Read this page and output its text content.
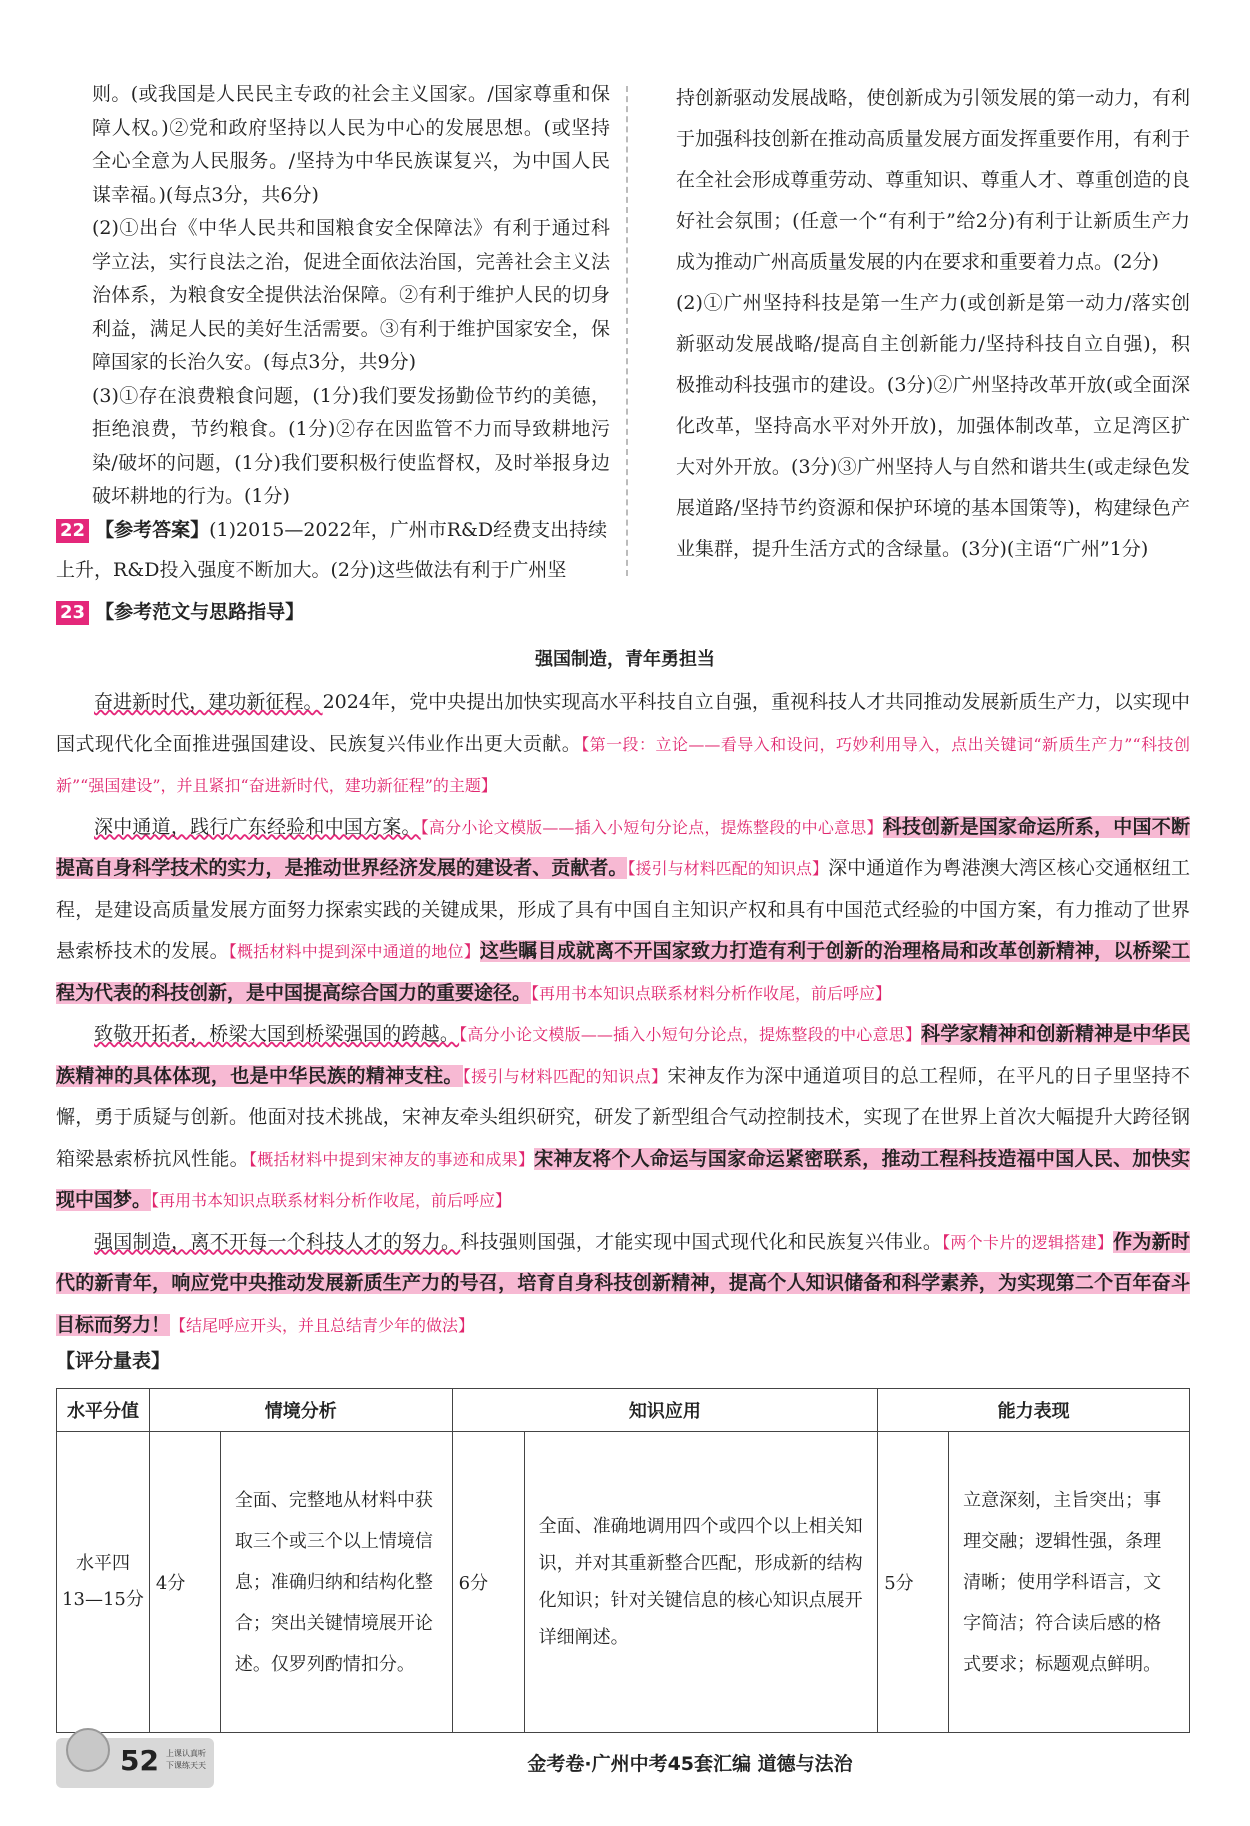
则。(或我国是人民民主专政的社会主义国家。/国家尊重和保障人权。)②党和政府坚持以人民为中心的发展思想。(或坚持全心全意为人民服务。/坚持为中华民族谋复兴，为中国人民谋幸福。)(每点3分，共6分)

(2)①出台《中华人民共和国粮食安全保障法》有利于通过科学立法，实行良法之治，促进全面依法治国，完善社会主义法治体系，为粮食安全提供法治保障。②有利于维护人民的切身利益，满足人民的美好生活需要。③有利于维护国家安全，保障国家的长治久安。(每点3分，共9分)

(3)①存在浪费粮食问题，(1分)我们要发扬勤俭节约的美德，拒绝浪费，节约粮食。(1分)②存在因监管不力而导致耕地污染/破坏的问题，(1分)我们要积极行使监督权，及时举报身边破坏耕地的行为。(1分)

22 【参考答案】(1)2015—2022年，广州市R&D经费支出持续上升，R&D投入强度不断加大。(2分)这些做法有利于广州坚

持创新驱动发展战略，使创新成为引领发展的第一动力，有利于加强科技创新在推动高质量发展方面发挥重要作用，有利于在全社会形成尊重劳动、尊重知识、尊重人才、尊重创造的良好社会氛围；(任意一个“有利于”给2分)有利于让新质生产力成为推动广州高质量发展的内在要求和重要着力点。(2分)

(2)①广州坚持科技是第一生产力(或创新是第一动力/落实创新驱动发展战略/提高自主创新能力/坚持科技自立自强)，积极推动科技强市的建设。(3分)②广州坚持改革开放(或全面深化改革，坚持高水平对外开放)，加强体制改革，立足湾区扩大对外开放。(3分)③广州坚持人与自然和谐共生(或走绿色发展道路/坚持节约资源和保护环境的基本国策等)，构建绿色产业集群，提升生活方式的含绿量。(3分)(主语“广州”1分)

23 【参考范文与思路指导】
强国制造，青年勇担当

奋进新时代，建功新征程。2024年，党中央提出加快实现高水平科技自立自强，重视科技人才共同推动发展新质生产力，以实现中国式现代化全面推进强国建设、民族复兴伟业作出更大贡献。【第一段：立论——看导入和设问，巧妙利用导入，点出关键词“新质生产力”“科技创新”“强国建设”，并且紧扣“奋进新时代，建功新征程”的主题】

深中通道，践行广东经验和中国方案。【高分小论文模版——插入小短句分论点，提炼整段的中心意思】科技创新是国家命运所系，中国不断提高自身科学技术的实力，是推动世界经济发展的建设者、贡献者。【援引与材料匹配的知识点】深中通道作为粤港澳大湾区核心交通枢纽工程，是建设高质量发展方面努力探索实践的关键成果，形成了具有中国自主知识产权和具有中国范式经验的中国方案，有力推动了世界悬索桥技术的发展。【概括材料中提到深中通道的地位】这些瞩目成就离不开国家致力打造有利于创新的治理格局和改革创新精神，以桥梁工程为代表的科技创新，是中国提高综合国力的重要途径。【再用书本知识点联系材料分析作收尾，前后呼应】

致敬开拓者，桥梁大国到桥梁强国的跨越。【高分小论文模版——插入小短句分论点，提炼整段的中心意思】科学家精神和创新精神是中华民族精神的具体体现，也是中华民族的精神支柱。【援引与材料匹配的知识点】宋神友作为深中通道项目的总工程师，在平凡的日子里坚持不懈，勇于质疑与创新。他面对技术挑战，宋神友牵头组织研究，研发了新型组合气动控制技术，实现了在世界上首次大幅提升大跨径钢箱梁悬索桥抗风性能。【概括材料中提到宋神友的事迹和成果】宋神友将个人命运与国家命运紧密联系，推动工程科技造福中国人民、加快实现中国梦。【再用书本知识点联系材料分析作收尾，前后呼应】

强国制造，离不开每一个科技人才的努力。科技强则国强，才能实现中国式现代化和民族复兴伟业。【两个卡片的逻辑搭建】作为新时代的新青年，响应党中央推动发展新质生产力的号召，培育自身科技创新精神，提高个人知识储备和科学素养，为实现第二个百年奋斗目标而努力！【结尾呼应开头，并且总结青少年的做法】

【评分量表】
水平分值	情境分析		知识应用		能力表现	

水平四
13—15分	4分	全面、完整地从材料中获取三个或三个以上情境信息；准确归纳和结构化整合；突出关键情境展开论述。仅罗列酌情扣分。	6分	全面、准确地调用四个或四个以上相关知识，并对其重新整合匹配，形成新的结构化知识；针对关键信息的核心知识点展开详细阐述。	5分	立意深刻，主旨突出；事理交融；逻辑性强，条理清晰；使用学科语言，文字简洁；符合读后感的格式要求；标题观点鲜明。
52 上课认真听
下课练天天	金考卷·广州中考45套汇编 道德与法治
